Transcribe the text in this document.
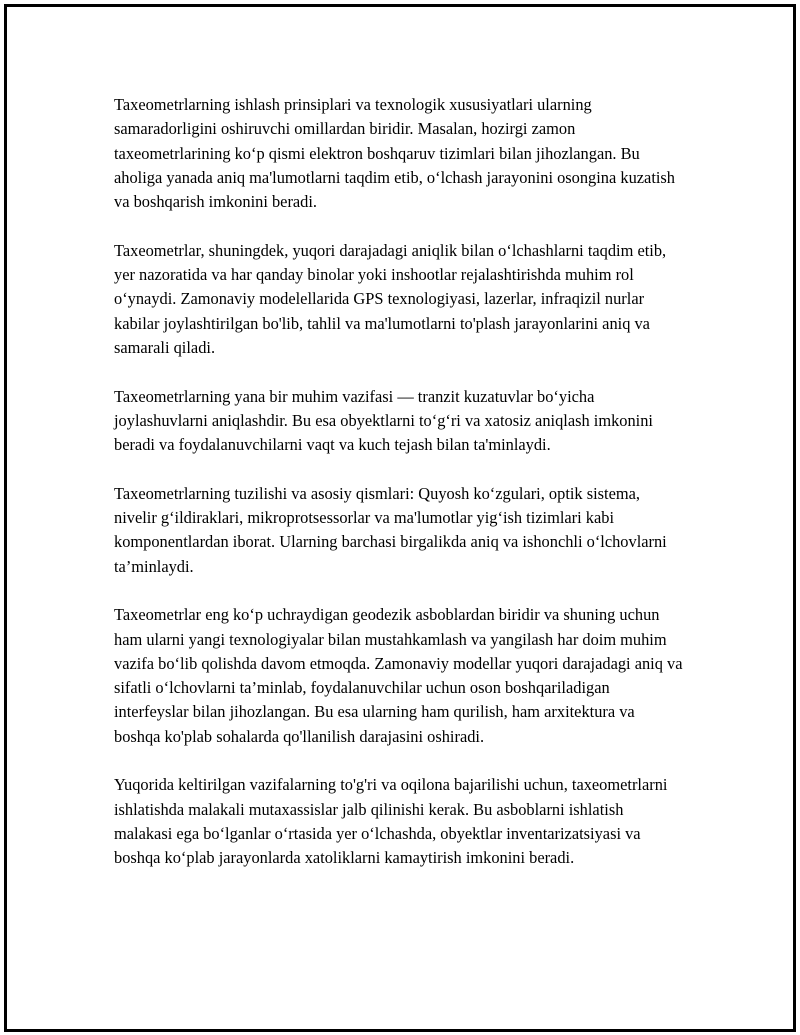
Taxeometrlarning ishlash prinsiplari va texnologik xususiyatlari ularning samaradorligini oshiruvchi omillardan biridir. Masalan, hozirgi zamon taxeometrlarining koʻp qismi elektron boshqaruv tizimlari bilan jihozlangan. Bu aholiga yanada aniq ma'lumotlarni taqdim etib, oʻlchash jarayonini osongina kuzatish va boshqarish imkonini beradi.

Taxeometrlar, shuningdek, yuqori darajadagi aniqlik bilan oʻlchashlarni taqdim etib, yer nazoratida va har qanday binolar yoki inshootlar rejalashtirishda muhim rol oʻynaydi. Zamonaviy modelellarida GPS texnologiyasi, lazerlar, infraqizil nurlar kabilar joylashtirilgan bo'lib, tahlil va ma'lumotlarni to'plash jarayonlarini aniq va samarali qiladi.

Taxeometrlarning yana bir muhim vazifasi — tranzit kuzatuvlar boʻyicha joylashuvlarni aniqlashdir. Bu esa obyektlarni toʻgʻri va xatosiz aniqlash imkonini beradi va foydalanuvchilarni vaqt va kuch tejash bilan ta'minlaydi.

Taxeometrlarning tuzilishi va asosiy qismlari: Quyosh koʻzgulari, optik sistema, nivelir gʻildiraklari, mikroprotsessorlar va ma'lumotlar yigʻish tizimlari kabi komponentlardan iborat. Ularning barchasi birgalikda aniq va ishonchli oʻlchovlarni ta’minlaydi.

Taxeometrlar eng koʻp uchraydigan geodezik asboblardan biridir va shuning uchun ham ularni yangi texnologiyalar bilan mustahkamlash va yangilash har doim muhim vazifa boʻlib qolishda davom etmoqda. Zamonaviy modellar yuqori darajadagi aniq va sifatli oʻlchovlarni ta’minlab, foydalanuvchilar uchun oson boshqariladigan interfeyslar bilan jihozlangan. Bu esa ularning ham qurilish, ham arxitektura va boshqa ko'plab sohalarda qo'llanilish darajasini oshiradi.

Yuqorida keltirilgan vazifalarning to'g'ri va oqilona bajarilishi uchun, taxeometrlarni ishlatishda malakali mutaxassislar jalb qilinishi kerak. Bu asboblarni ishlatish malakasi ega boʻlganlar oʻrtasida yer oʻlchashda, obyektlar inventarizatsiyasi va boshqa koʻplab jarayonlarda xatoliklarni kamaytirish imkonini beradi.
